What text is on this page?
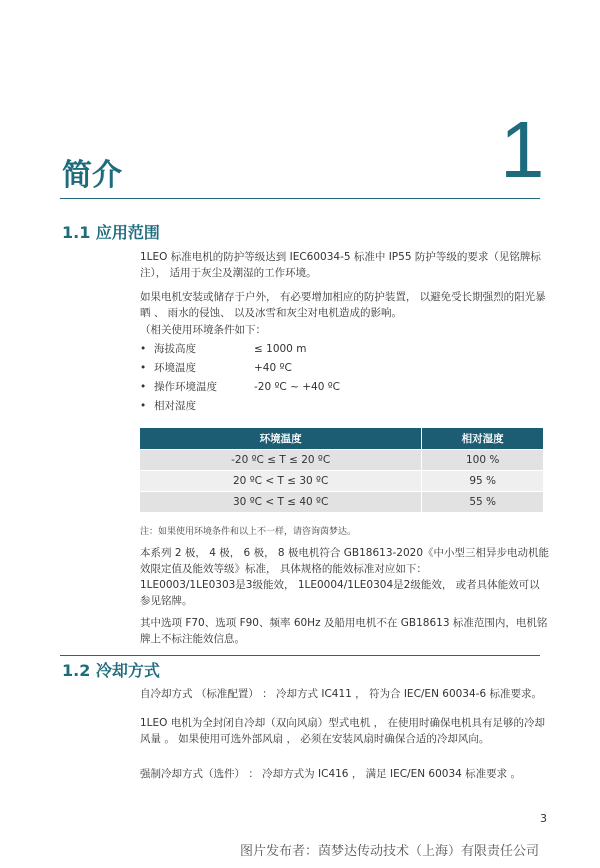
1
简介
1.1 应用范围

1LEO 标准电机的防护等级达到 IEC60034-5 标准中 IP55 防护等级的要求（见铭牌标注）， 适用于灰尘及潮湿的工作环境。

如果电机安装或储存于户外， 有必要增加相应的防护装置， 以避免受长期强烈的阳光暴晒 、 雨水的侵蚀、 以及冰雪和灰尘对电机造成的影响。

（相关使用环境条件如下：

• 海拔高度	≤ 1000 m
• 环境温度	+40 ºC
• 操作环境温度	-20 ºC ~ +40 ºC
• 相对湿度
环境温度	相对湿度
-20 ºC ≤ T ≤ 20 ºC	100 %
20 ºC < T ≤ 30 ºC	95 %
30 ºC < T ≤ 40 ºC	55 %
注：如果使用环境条件和以上不一样，请咨询茵梦达。

本系列 2 极， 4 极， 6 极， 8 极电机符合 GB18613-2020《中小型三相异步电动机能效限定值及能效等级》标准， 具体规格的能效标准对应如下：

1LE0003/1LE0303是3级能效， 1LE0004/1LE0304是2级能效， 或者具体能效可以参见铭牌。

其中选项 F70、选项 F90、频率 60Hz 及船用电机不在 GB18613 标准范围内，电机铭牌上不标注能效信息。

1.2 冷却方式

自冷却方式 （标准配置） ： 冷却方式 IC411 ， 符为合 IEC/EN 60034-6 标准要求。

1LEO 电机为全封闭自冷却（双向风扇）型式电机 ， 在使用时确保电机具有足够的冷却风量 。 如果使用可选外部风扇 ， 必须在安装风扇时确保合适的冷却风向。

强制冷却方式（选件） ： 冷却方式为 IC416 ， 满足 IEC/EN 60034 标准要求 。

3
图片发布者：茵梦达传动技术（上海）有限责任公司
